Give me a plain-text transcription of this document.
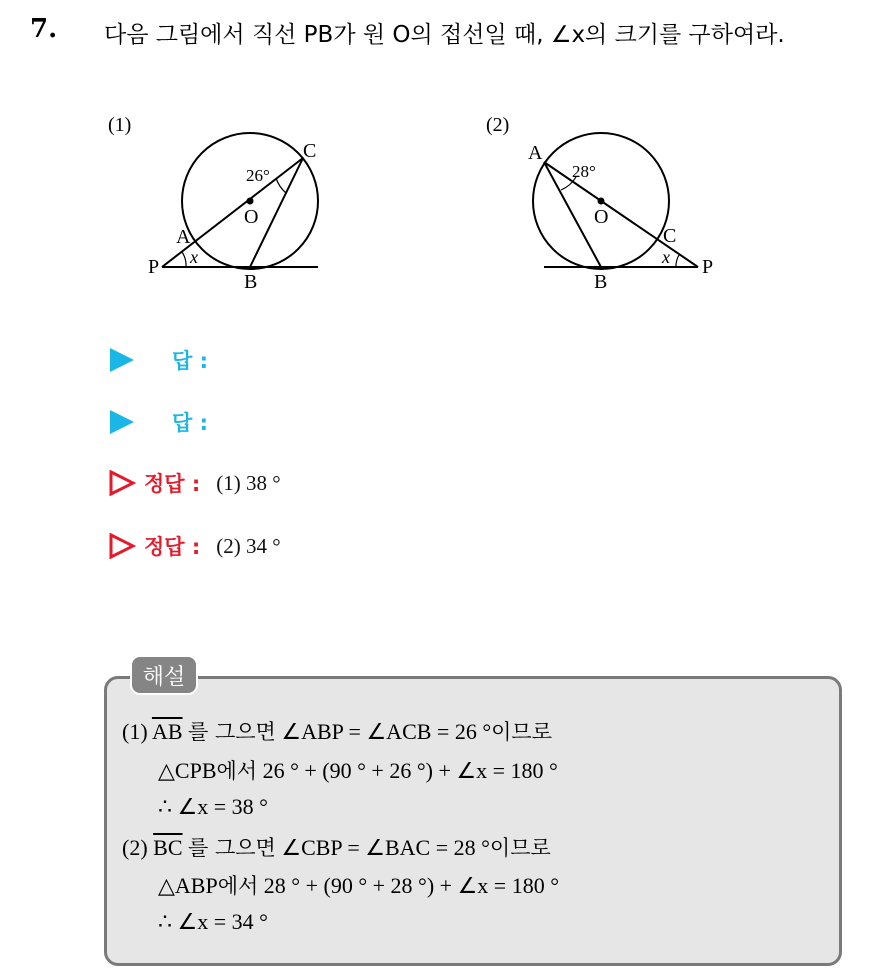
7. 다음 그림에서 직선 PB가 원 O의 접선일 때, ∠x의 크기를 구하여라.
(1)
26°
C
O
A
P
B
x
(2)
28°
A
O
C
P
B
x
답 :
답 :
정답 : (1) 38 °
정답 : (2) 34 °
해설
(1) $\overline{AB}$ 를 그으면 ∠ABP = ∠ACB = 26 °이므로
△CPB에서 26 ° + (90 ° + 26 °) + ∠x = 180 °
∴ ∠x = 38 °
(2) $\overline{BC}$ 를 그으면 ∠CBP = ∠BAC = 28 °이므로
△ABP에서 28 ° + (90 ° + 28 °) + ∠x = 180 °
∴ ∠x = 34 °
